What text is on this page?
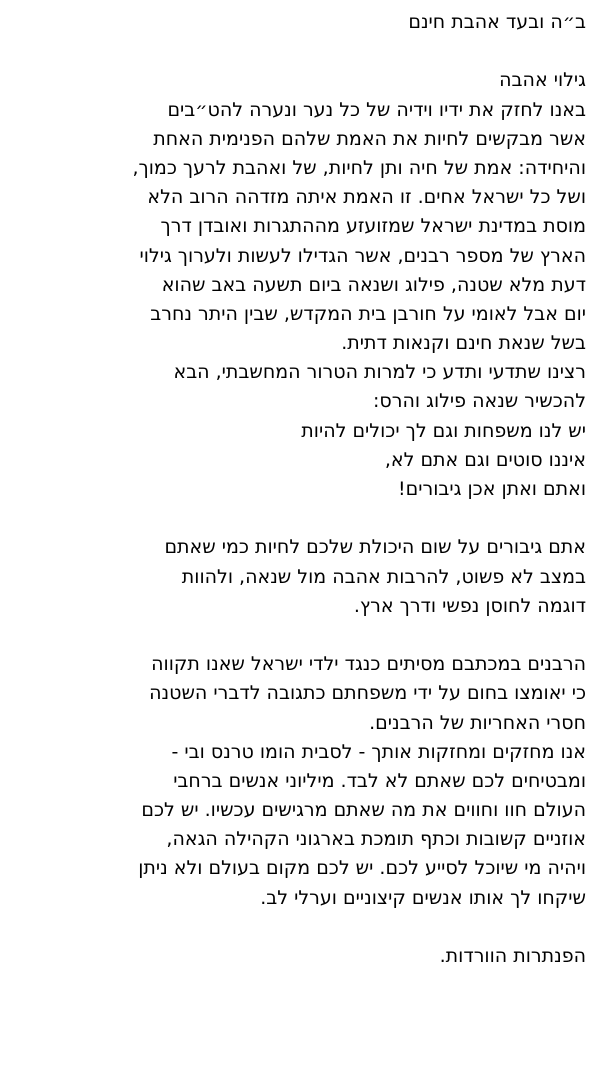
ב״ה ובעד אהבת חינם
גילוי אהבה
באנו לחזק את ידיו וידיה של כל נער ונערה להט״בים
אשר מבקשים לחיות את האמת שלהם הפנימית האחת
והיחידה: אמת של חיה ותן לחיות, של ואהבת לרעך כמוך,
ושל כל ישראל אחים. זו האמת איתה מזדהה הרוב הלא
מוסת במדינת ישראל שמזועזע מההתגרות ואובדן דרך
הארץ של מספר רבנים, אשר הגדילו לעשות ולערוך גילוי
דעת מלא שטנה, פילוג ושנאה ביום תשעה באב שהוא
יום אבל לאומי על חורבן בית המקדש, שבין היתר נחרב
בשל שנאת חינם וקנאות דתית.
רצינו שתדעי ותדע כי למרות הטרור המחשבתי, הבא
להכשיר שנאה פילוג והרס:
יש לנו משפחות וגם לך יכולים להיות
איננו סוטים וגם אתם לא,
ואתם ואתן אכן גיבורים!
אתם גיבורים על שום היכולת שלכם לחיות כמי שאתם
במצב לא פשוט, להרבות אהבה מול שנאה, ולהוות
דוגמה לחוסן נפשי ודרך ארץ.
הרבנים במכתבם מסיתים כנגד ילדי ישראל שאנו תקווה
כי יאומצו בחום על ידי משפחתם כתגובה לדברי השטנה
חסרי האחריות של הרבנים.
אנו מחזקים ומחזקות אותך - לסבית הומו טרנס ובי -
ומבטיחים לכם שאתם לא לבד. מיליוני אנשים ברחבי
העולם חוו וחווים את מה שאתם מרגישים עכשיו. יש לכם
אוזניים קשובות וכתף תומכת בארגוני הקהילה הגאה,
ויהיה מי שיוכל לסייע לכם. יש לכם מקום בעולם ולא ניתן
שיקחו לך אותו אנשים קיצוניים וערלי לב.
הפנתרות הוורדות.
